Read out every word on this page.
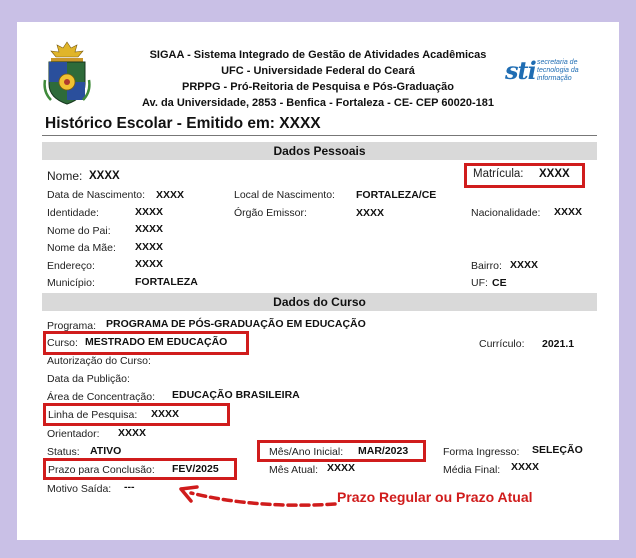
SIGAA - Sistema Integrado de Gestão de Atividades Acadêmicas
UFC - Universidade Federal do Ceará
PRPPG - Pró-Reitoria de Pesquisa e Pós-Graduação
Av. da Universidade, 2853 - Benfica - Fortaleza - CE- CEP 60020-181
sti secretaria de
tecnologia da
informação
Histórico Escolar - Emitido em: XXXX
Dados Pessoais
Nome: XXXX	Matrícula: XXXX
Data de Nascimento: XXXX	Local de Nascimento: FORTALEZA/CE
Identidade:	XXXX	Órgão Emissor:	XXXX	Nacionalidade: XXXX
Nome do Pai: XXXX
Nome da Mãe: XXXX
Endereço:	XXXX	Bairro: XXXX
Município:	FORTALEZA	UF: CE
Dados do Curso
Programa: PROGRAMA DE PÓS-GRADUAÇÃO EM EDUCAÇÃO
Curso: MESTRADO EM EDUCAÇÃO	Currículo: 2021.1
Autorização do Curso:
Data da Publição:
Área de Concentração: EDUCAÇÃO BRASILEIRA
Linha de Pesquisa: XXXX
Orientador: XXXX
Status: ATIVO	Mês/Ano Inicial: MAR/2023	Forma Ingresso: SELEÇÃO
Prazo para Conclusão: FEV/2025	Mês Atual: XXXX	Média Final: XXXX
Motivo Saída: ---
Prazo Regular ou Prazo Atual
